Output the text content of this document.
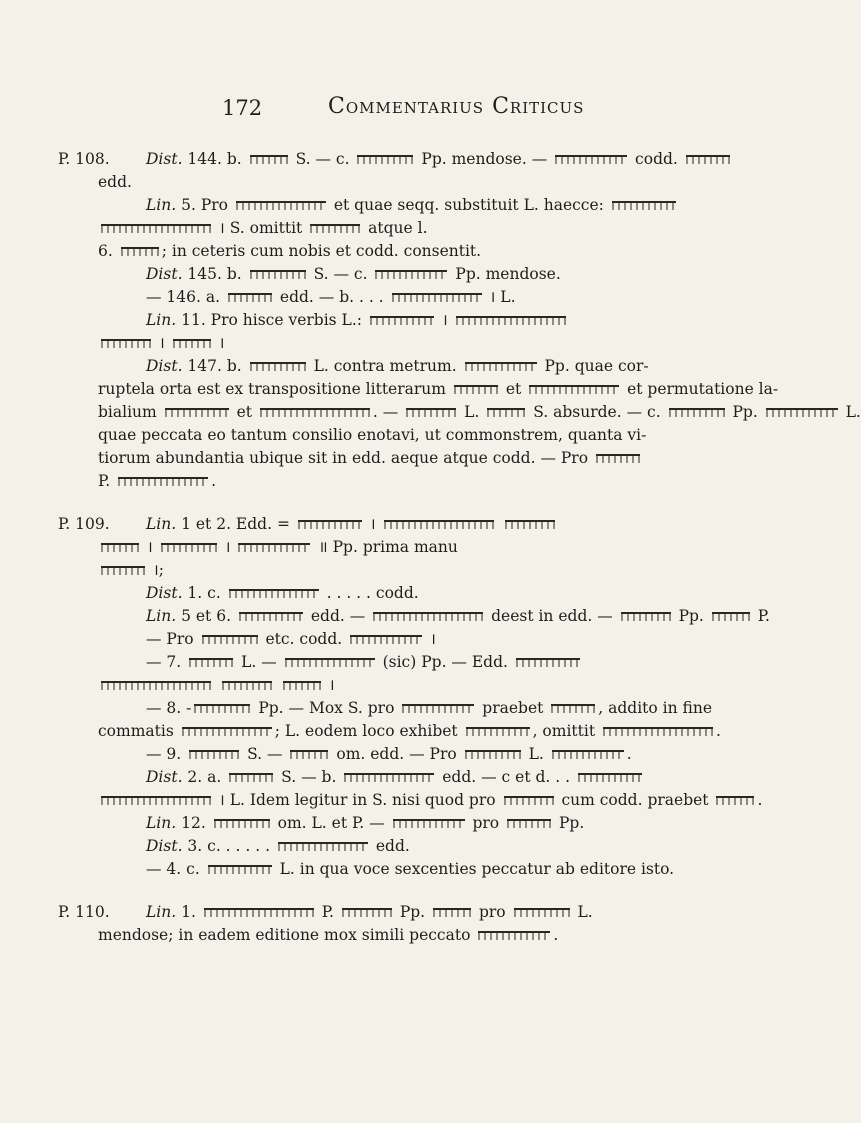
172	Commentarius Criticus
P. 108.	Dist. 144. b.	S. — c.	Pp. mendose. —	codd.
edd.
Lin. 5. Pro	et quae seqq. substituit L. haecce:
। S. omittit	atque l.
6.	; in ceteris cum nobis et codd. consentit.
Dist. 145. b.	S. — c.	Pp. mendose.
— 146. a.	edd. — b. . . .	। L.
Lin. 11. Pro hisce verbis L.:	।
।	।
Dist. 147. b.	L. contra metrum.	Pp. quae cor-
ruptela orta est ex transpositione litterarum	et	et permutatione la-
bialium	et	. —	L.	S. absurde. — c.	Pp.	L.
quae peccata eo tantum consilio enotavi, ut commonstrem, quanta vi-
tiorum abundantia ubique sit in edd. aeque atque codd. — Pro
P.	.
P. 109.	Lin. 1 et 2. Edd. =	।
।	।	॥ Pp. prima manu
।;
Dist. 1. c.	. . . . . codd.
Lin. 5 et 6.	edd. —	deest in edd. —	Pp.	P.
— Pro	etc. codd.	।
— 7.	L. —	(sic) Pp. — Edd.
।
— 8. -	Pp. — Mox S. pro	praebet	, addito in fine
commatis	; L. eodem loco exhibet	, omittit	.
— 9.	S. —	om. edd. — Pro	L.	.
Dist. 2. a.	S. — b.	edd. — c et d. . .
। L. Idem legitur in S. nisi quod pro	cum codd. praebet	.
Lin. 12.	om. L. et P. —	pro	Pp.
Dist. 3. c. . . . . .	edd.
— 4. c.	L. in qua voce sexcenties peccatur ab editore isto.
P. 110.	Lin. 1.	P.	Pp.	pro	L.
mendose; in eadem editione mox simili peccato	.
